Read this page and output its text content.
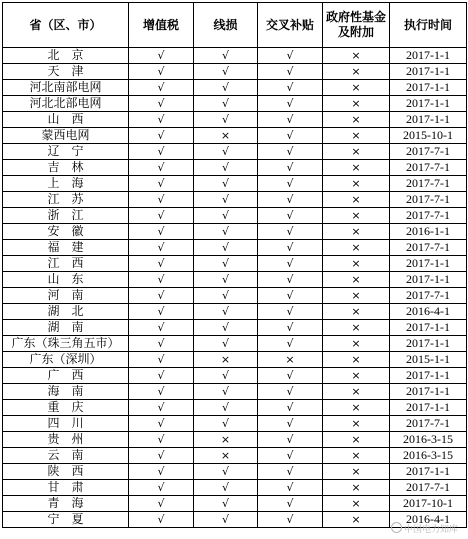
省（区、市）	增值税	线损	交叉补贴	政府性基金及附加	执行时间
北　京	√	√	√	×	2017-1-1
天　津	√	√	√	×	2017-1-1
河北南部电网	√	√	√	×	2017-1-1
河北北部电网	√	√	√	×	2017-1-1
山　西	√	√	√	×	2017-1-1
蒙西电网	√	×	√	×	2015-10-1
辽　宁	√	√	√	×	2017-7-1
吉　林	√	√	√	×	2017-7-1
上　海	√	√	√	×	2017-7-1
江　苏	√	√	√	×	2017-7-1
浙　江	√	√	√	×	2017-7-1
安　徽	√	√	√	×	2016-1-1
福　建	√	√	√	×	2017-7-1
江　西	√	√	√	×	2017-1-1
山　东	√	√	√	×	2017-1-1
河　南	√	√	√	×	2017-7-1
湖　北	√	√	√	×	2016-4-1
湖　南	√	√	√	×	2017-1-1
广东（珠三角五市）	√	√	√	×	2017-1-1
广东（深圳）	√	×	×	×	2015-1-1
广　西	√	√	√	×	2017-1-1
海　南	√	√	√	×	2017-1-1
重　庆	√	√	√	×	2017-1-1
四　川	√	√	√	×	2017-7-1
贵　州	√	×	√	×	2016-3-15
云　南	√	×	√	×	2016-3-15
陕　西	√	√	√	×	2017-1-1
甘　肃	√	√	√	×	2017-7-1
青　海	√	√	√	×	2017-10-1
宁　夏	√	√	√	×	2016-4-1
中国电力知库
